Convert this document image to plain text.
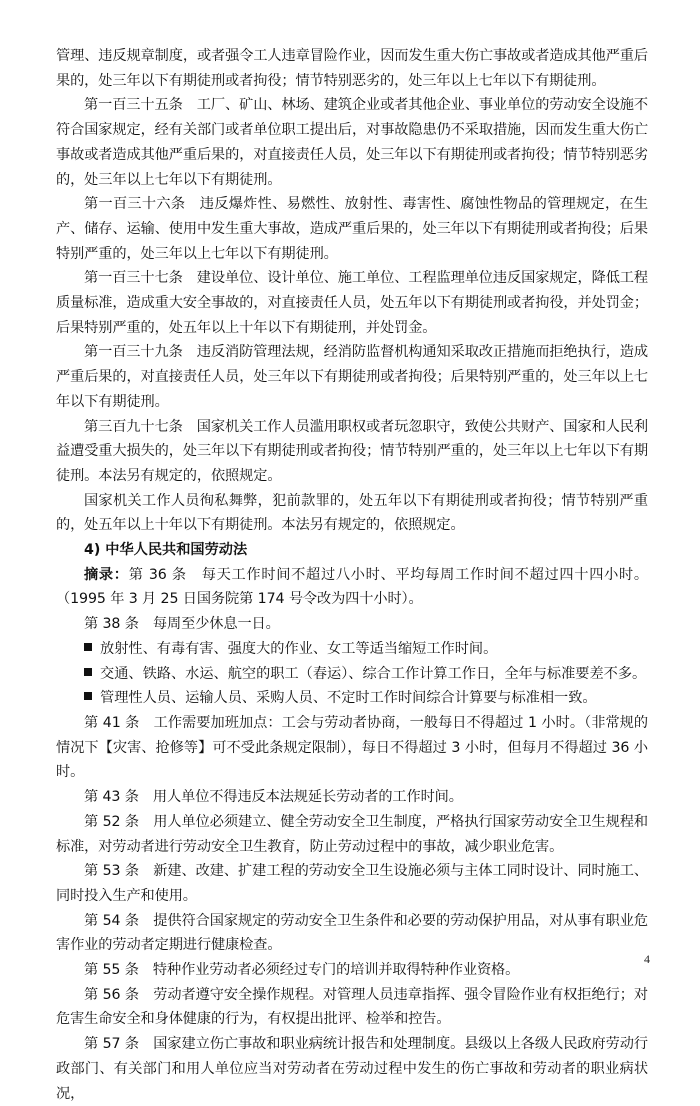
管理、违反规章制度，或者强令工人违章冒险作业，因而发生重大伤亡事故或者造成其他严重后果的，处三年以下有期徒刑或者拘役；情节特别恶劣的，处三年以上七年以下有期徒刑。

第一百三十五条　工厂、矿山、林场、建筑企业或者其他企业、事业单位的劳动安全设施不符合国家规定，经有关部门或者单位职工提出后，对事故隐患仍不采取措施，因而发生重大伤亡事故或者造成其他严重后果的，对直接责任人员，处三年以下有期徒刑或者拘役；情节特别恶劣的，处三年以上七年以下有期徒刑。

第一百三十六条　违反爆炸性、易燃性、放射性、毒害性、腐蚀性物品的管理规定，在生产、储存、运输、使用中发生重大事故，造成严重后果的，处三年以下有期徒刑或者拘役；后果特别严重的，处三年以上七年以下有期徒刑。

第一百三十七条　建设单位、设计单位、施工单位、工程监理单位违反国家规定，降低工程质量标准，造成重大安全事故的，对直接责任人员，处五年以下有期徒刑或者拘役，并处罚金；后果特别严重的，处五年以上十年以下有期徒刑，并处罚金。

第一百三十九条　违反消防管理法规，经消防监督机构通知采取改正措施而拒绝执行，造成严重后果的，对直接责任人员，处三年以下有期徒刑或者拘役；后果特别严重的，处三年以上七年以下有期徒刑。

第三百九十七条　国家机关工作人员滥用职权或者玩忽职守，致使公共财产、国家和人民利益遭受重大损失的，处三年以下有期徒刑或者拘役；情节特别严重的，处三年以上七年以下有期徒刑。本法另有规定的，依照规定。

国家机关工作人员徇私舞弊，犯前款罪的，处五年以下有期徒刑或者拘役；情节特别严重的，处五年以上十年以下有期徒刑。本法另有规定的，依照规定。

4) 中华人民共和国劳动法

摘录：第 36 条　每天工作时间不超过八小时、平均每周工作时间不超过四十四小时。（1995 年 3 月 25 日国务院第 174 号令改为四十小时）。

第 38 条　每周至少休息一日。

放射性、有毒有害、强度大的作业、女工等适当缩短工作时间。

交通、铁路、水运、航空的职工（春运）、综合工作计算工作日，全年与标准要差不多。

管理性人员、运输人员、采购人员、不定时工作时间综合计算要与标准相一致。

第 41 条　工作需要加班加点：工会与劳动者协商，一般每日不得超过 1 小时。（非常规的情况下【灾害、抢修等】可不受此条规定限制），每日不得超过 3 小时，但每月不得超过 36 小时。

第 43 条　用人单位不得违反本法规延长劳动者的工作时间。

第 52 条　用人单位必须建立、健全劳动安全卫生制度，严格执行国家劳动安全卫生规程和标准，对劳动者进行劳动安全卫生教育，防止劳动过程中的事故，减少职业危害。

第 53 条　新建、改建、扩建工程的劳动安全卫生设施必须与主体工同时设计、同时施工、同时投入生产和使用。

第 54 条　提供符合国家规定的劳动安全卫生条件和必要的劳动保护用品，对从事有职业危害作业的劳动者定期进行健康检查。

第 55 条　特种作业劳动者必须经过专门的培训并取得特种作业资格。

第 56 条　劳动者遵守安全操作规程。对管理人员违章指挥、强令冒险作业有权拒绝行；对危害生命安全和身体健康的行为，有权提出批评、检举和控告。

第 57 条　国家建立伤亡事故和职业病统计报告和处理制度。县级以上各级人民政府劳动行政部门、有关部门和用人单位应当对劳动者在劳动过程中发生的伤亡事故和劳动者的职业病状况，

4
